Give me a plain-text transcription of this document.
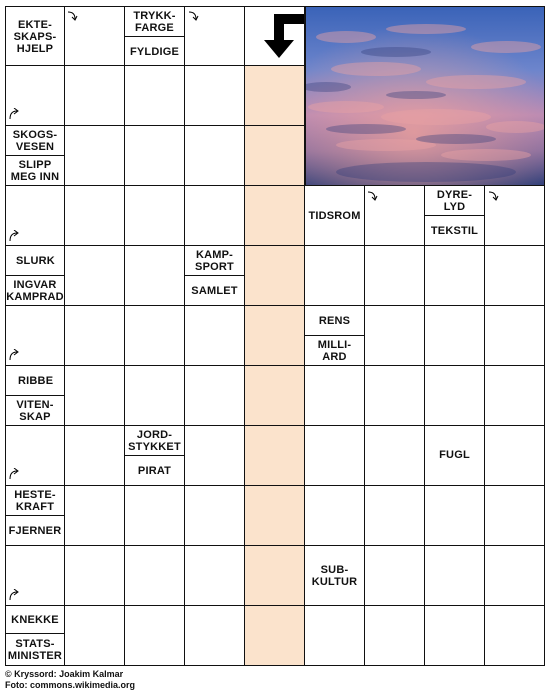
EKTE-
SKAPS-
HJELP
TRYKK-
FARGE
FYLDIGE
SKOGS-
VESEN
SLIPP
MEG INN
TIDSROM
DYRE-
LYD
TEKSTIL
SLURK
INGVAR
KAMPRAD
KAMP-
SPORT
SAMLET
RENS
MILLI-
ARD
RIBBE
VITEN-
SKAP
JORD-
STYKKET
PIRAT
FUGL
HESTE-
KRAFT
FJERNER
SUB-
KULTUR
KNEKKE
STATS-
MINISTER
© Kryssord: Joakim Kalmar
Foto: commons.wikimedia.org
